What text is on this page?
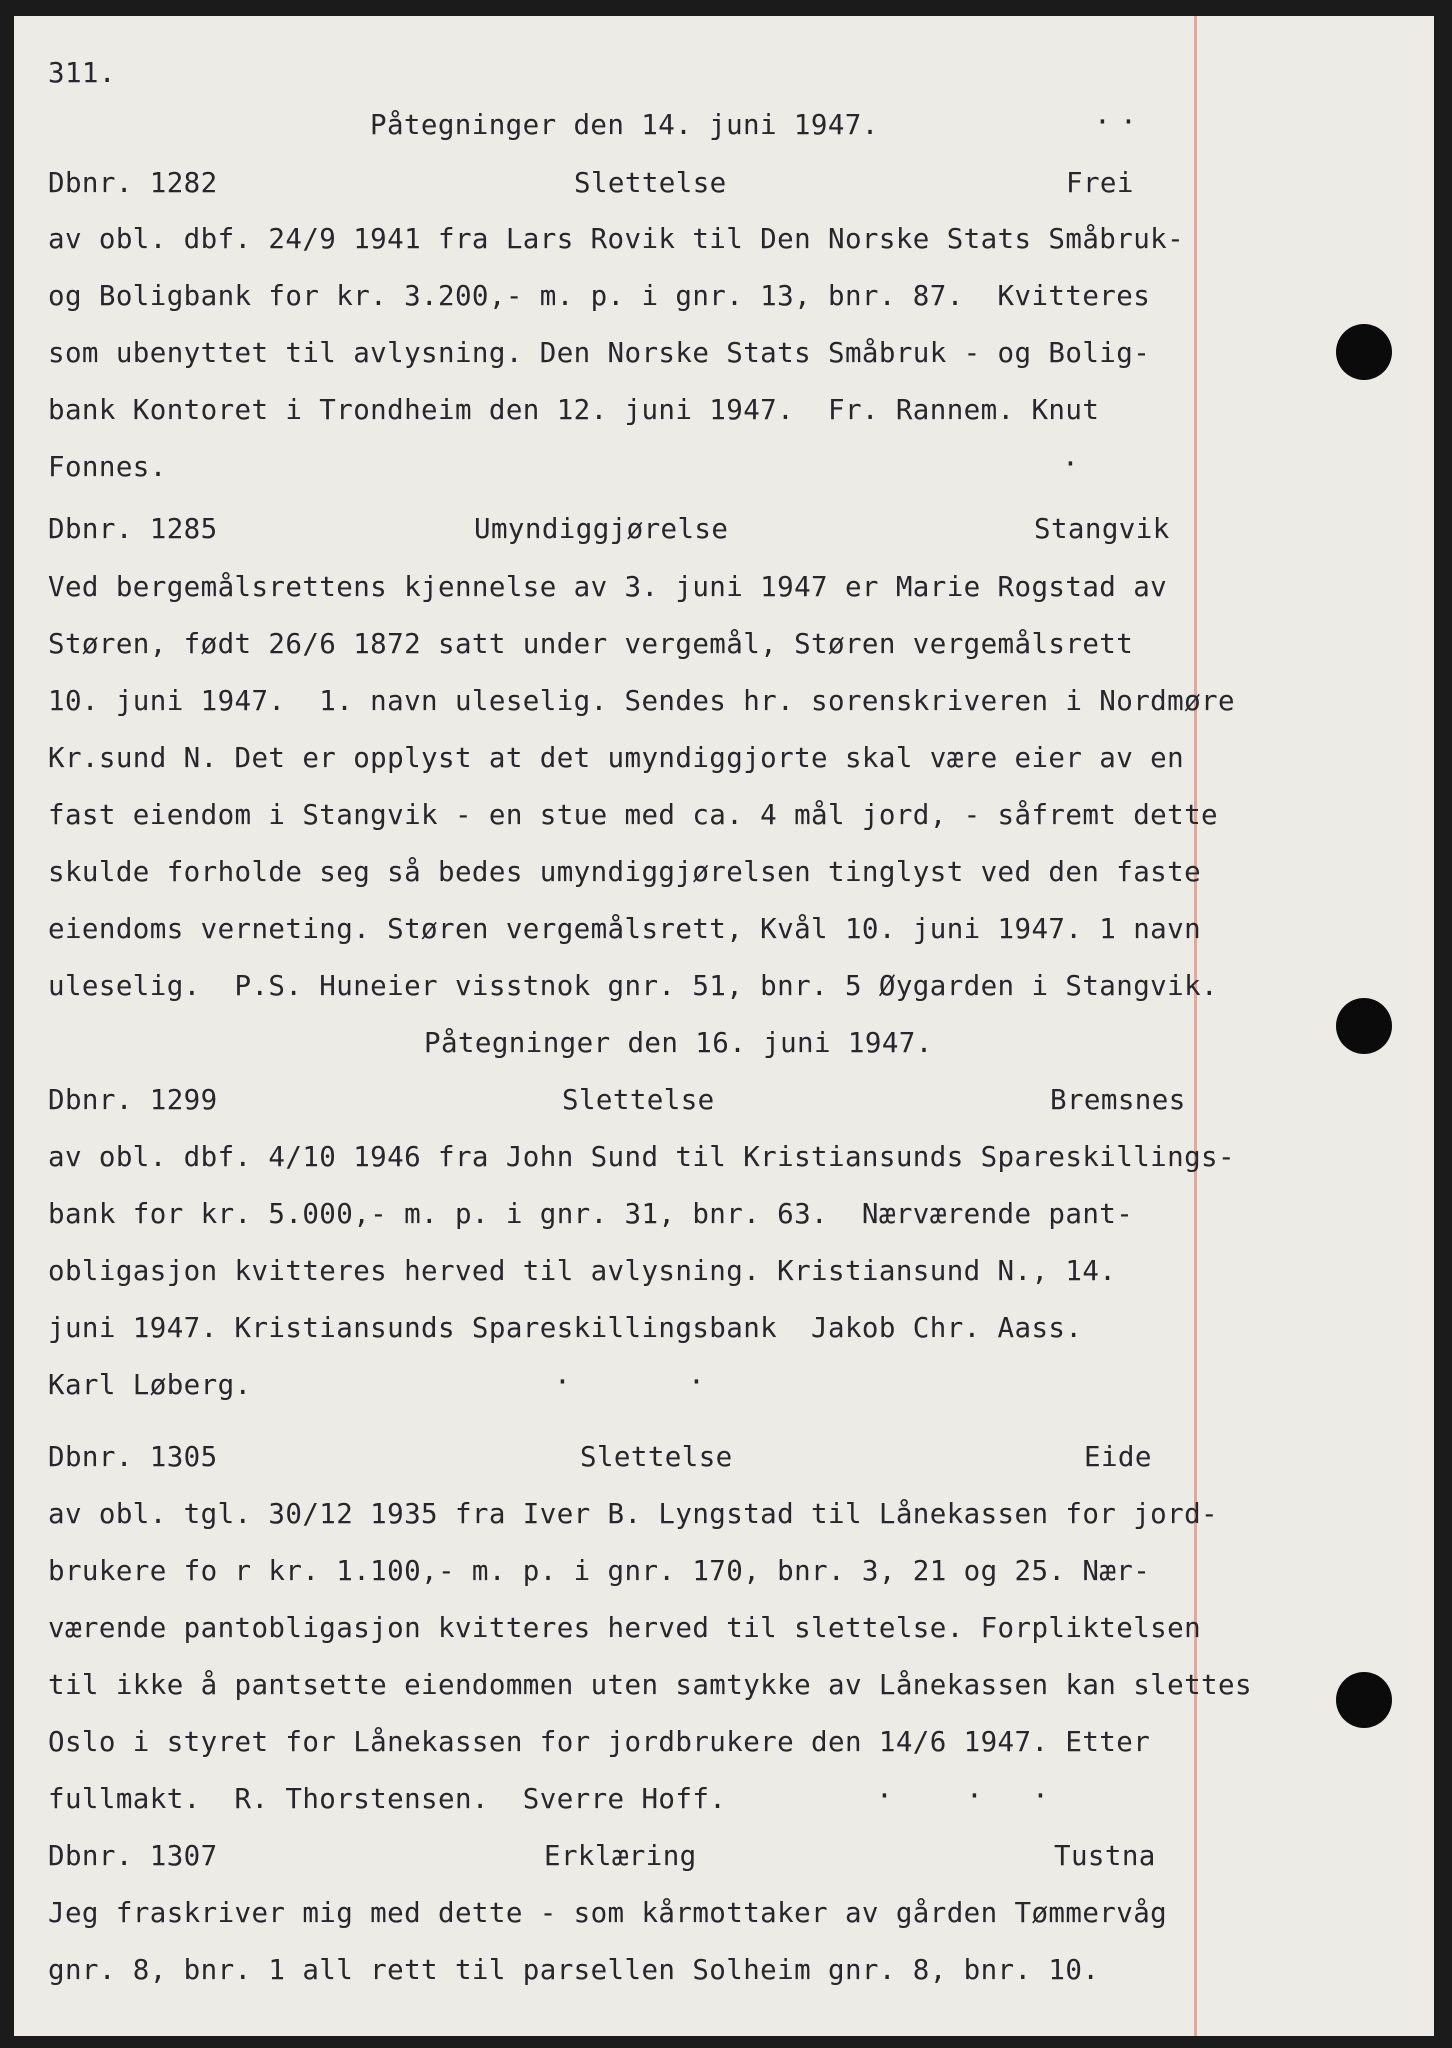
311.
Påtegninger den 14. juni 1947.	· ·
Dbnr. 1282	Slettelse	Frei
av obl. dbf. 24/9 1941 fra Lars Rovik til Den Norske Stats Småbruk-
og Boligbank for kr. 3.200,- m. p. i gnr. 13, bnr. 87.  Kvitteres
som ubenyttet til avlysning. Den Norske Stats Småbruk - og Bolig-
bank Kontoret i Trondheim den 12. juni 1947.  Fr. Rannem. Knut
Fonnes.	·
Dbnr. 1285	Umyndiggjørelse	Stangvik
Ved bergemålsrettens kjennelse av 3. juni 1947 er Marie Rogstad av
Støren, født 26/6 1872 satt under vergemål, Støren vergemålsrett
10. juni 1947.  1. navn uleselig. Sendes hr. sorenskriveren i Nordmøre
Kr.sund N. Det er opplyst at det umyndiggjorte skal være eier av en
fast eiendom i Stangvik - en stue med ca. 4 mål jord, - såfremt dette
skulde forholde seg så bedes umyndiggjørelsen tinglyst ved den faste
eiendoms verneting. Støren vergemålsrett, Kvål 10. juni 1947. 1 navn
uleselig.  P.S. Huneier visstnok gnr. 51, bnr. 5 Øygarden i Stangvik.
Påtegninger den 16. juni 1947.
Dbnr. 1299	Slettelse	Bremsnes
av obl. dbf. 4/10 1946 fra John Sund til Kristiansunds Spareskillings-
bank for kr. 5.000,- m. p. i gnr. 31, bnr. 63.  Nærværende pant-
obligasjon kvitteres herved til avlysning. Kristiansund N., 14.
juni 1947. Kristiansunds Spareskillingsbank  Jakob Chr. Aass.
Karl Løberg.	·	·
Dbnr. 1305	Slettelse	Eide
av obl. tgl. 30/12 1935 fra Iver B. Lyngstad til Lånekassen for jord-
brukere fo r kr. 1.100,- m. p. i gnr. 170, bnr. 3, 21 og 25. Nær-
værende pantobligasjon kvitteres herved til slettelse. Forpliktelsen
til ikke å pantsette eiendommen uten samtykke av Lånekassen kan slettes
Oslo i styret for Lånekassen for jordbrukere den 14/6 1947. Etter
fullmakt.  R. Thorstensen.  Sverre Hoff.	·	· ·
Dbnr. 1307	Erklæring	Tustna
Jeg fraskriver mig med dette - som kårmottaker av gården Tømmervåg
gnr. 8, bnr. 1 all rett til parsellen Solheim gnr. 8, bnr. 10.
